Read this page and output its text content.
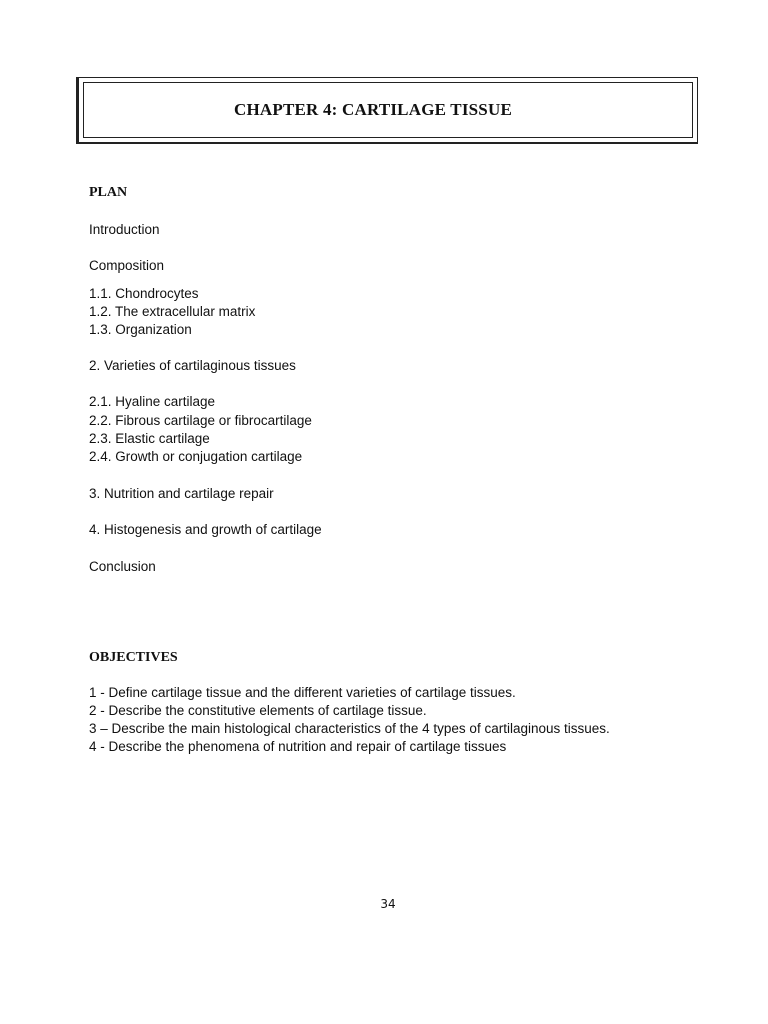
CHAPTER 4: CARTILAGE TISSUE
PLAN
Introduction
Composition
1.1. Chondrocytes
1.2. The extracellular matrix
1.3. Organization
2. Varieties of cartilaginous tissues
2.1. Hyaline cartilage
2.2. Fibrous cartilage or fibrocartilage
2.3. Elastic cartilage
2.4. Growth or conjugation cartilage
3. Nutrition and cartilage repair
4. Histogenesis and growth of cartilage
Conclusion
OBJECTIVES
1 - Define cartilage tissue and the different varieties of cartilage tissues.
2 - Describe the constitutive elements of cartilage tissue.
3 – Describe the main histological characteristics of the 4 types of cartilaginous tissues.
4 - Describe the phenomena of nutrition and repair of cartilage tissues
34
